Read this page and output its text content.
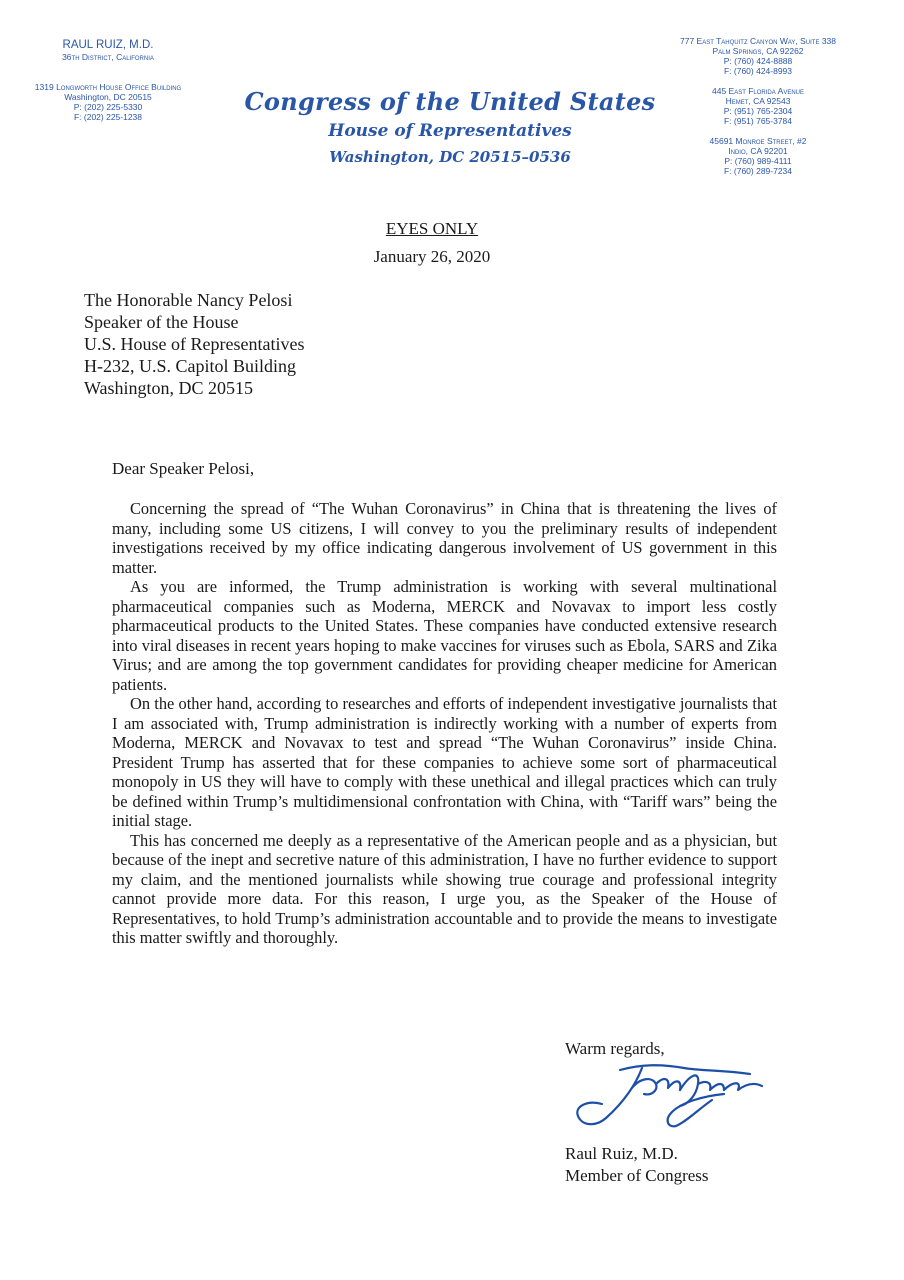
RAUL RUIZ, M.D.
36th District, California
1319 Longworth House Office Building
Washington, DC 20515
P: (202) 225-5330
F: (202) 225-1238
Congress of the United States
House of Representatives
Washington, DC 20515–0536
777 East Tahquitz Canyon Way, Suite 338
Palm Springs, CA 92262
P: (760) 424-8888
F: (760) 424-8993
445 East Florida Avenue
Hemet, CA 92543
P: (951) 765-2304
F: (951) 765-3784
45691 Monroe Street, #2
Indio, CA 92201
P: (760) 989-4111
F: (760) 289-7234
EYES ONLY
January 26, 2020
The Honorable Nancy Pelosi
Speaker of the House
U.S. House of Representatives
H-232, U.S. Capitol Building
Washington, DC 20515
Dear Speaker Pelosi,

Concerning the spread of “The Wuhan Coronavirus” in China that is threatening the lives of many, including some US citizens, I will convey to you the preliminary results of independent investigations received by my office indicating dangerous involvement of US government in this matter.

As you are informed, the Trump administration is working with several multinational pharmaceutical companies such as Moderna, MERCK and Novavax to import less costly pharmaceutical products to the United States. These companies have conducted extensive research into viral diseases in recent years hoping to make vaccines for viruses such as Ebola, SARS and Zika Virus; and are among the top government candidates for providing cheaper medicine for American patients.

On the other hand, according to researches and efforts of independent investigative journalists that I am associated with, Trump administration is indirectly working with a number of experts from Moderna, MERCK and Novavax to test and spread “The Wuhan Coronavirus” inside China. President Trump has asserted that for these companies to achieve some sort of pharmaceutical monopoly in US they will have to comply with these unethical and illegal practices which can truly be defined within Trump’s multidimensional confrontation with China, with “Tariff wars” being the initial stage.

This has concerned me deeply as a representative of the American people and as a physician, but because of the inept and secretive nature of this administration, I have no further evidence to support my claim, and the mentioned journalists while showing true courage and professional integrity cannot provide more data. For this reason, I urge you, as the Speaker of the House of Representatives, to hold Trump’s administration accountable and to provide the means to investigate this matter swiftly and thoroughly.

Warm regards,
Raul Ruiz, M.D.
Member of Congress
